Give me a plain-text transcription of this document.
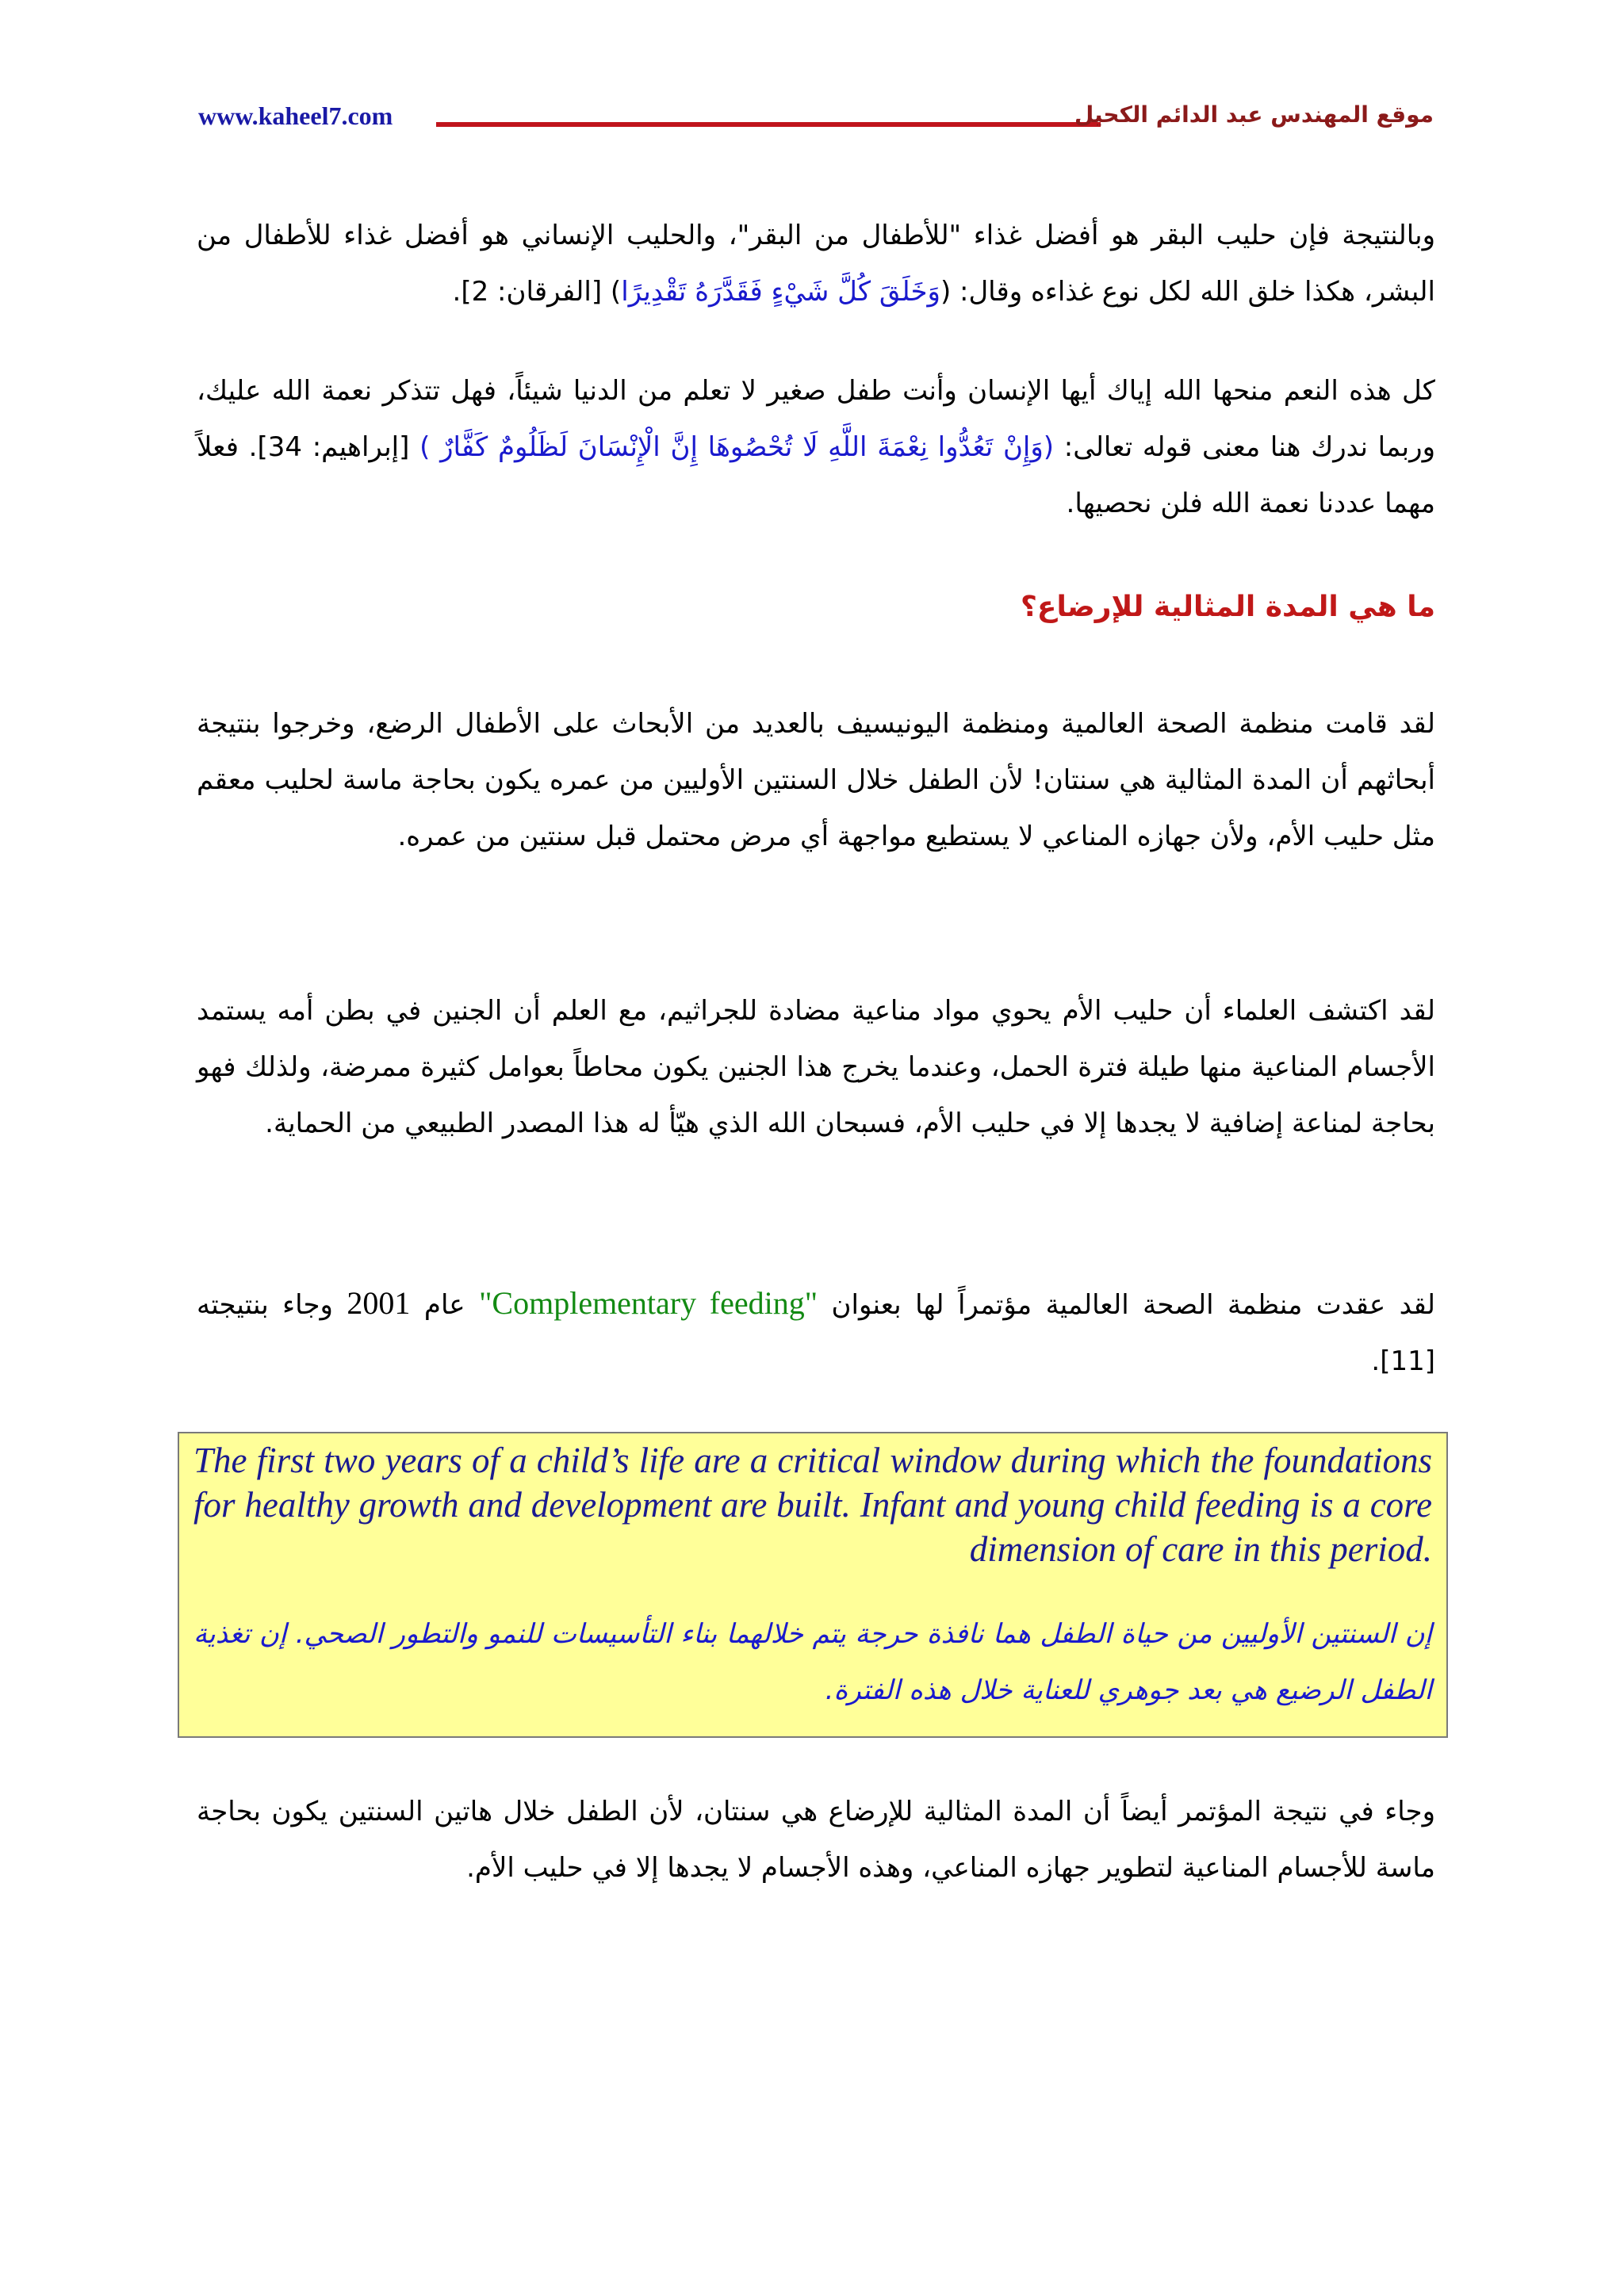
www.kaheel7.com	موقع المهندس عبد الدائم الكحيل

وبالنتيجة فإن حليب البقر هو أفضل غذاء "للأطفال من البقر"، والحليب الإنساني هو أفضل غذاء للأطفال من البشر، هكذا خلق الله لكل نوع غذاءه وقال: (وَخَلَقَ كُلَّ شَيْءٍ فَقَدَّرَهُ تَقْدِيرًا) [الفرقان: 2].

كل هذه النعم منحها الله إياك أيها الإنسان وأنت طفل صغير لا تعلم من الدنيا شيئاً، فهل تتذكر نعمة الله عليك، وربما ندرك هنا معنى قوله تعالى: (وَإِنْ تَعُدُّوا نِعْمَةَ اللَّهِ لَا تُحْصُوهَا إِنَّ الْإِنْسَانَ لَظَلُومٌ كَفَّارٌ ) [إبراهيم: 34]. فعلاً مهما عددنا نعمة الله فلن نحصيها.

ما هي المدة المثالية للإرضاع؟

لقد قامت منظمة الصحة العالمية ومنظمة اليونيسيف بالعديد من الأبحاث على الأطفال الرضع، وخرجوا بنتيجة أبحاثهم أن المدة المثالية هي سنتان! لأن الطفل خلال السنتين الأوليين من عمره يكون بحاجة ماسة لحليب معقم مثل حليب الأم، ولأن جهازه المناعي لا يستطيع مواجهة أي مرض محتمل قبل سنتين من عمره.

لقد اكتشف العلماء أن حليب الأم يحوي مواد مناعية مضادة للجراثيم، مع العلم أن الجنين في بطن أمه يستمد الأجسام المناعية منها طيلة فترة الحمل، وعندما يخرج هذا الجنين يكون محاطاً بعوامل كثيرة ممرضة، ولذلك فهو بحاجة لمناعة إضافية لا يجدها إلا في حليب الأم، فسبحان الله الذي هيّأ له هذا المصدر الطبيعي من الحماية.

لقد عقدت منظمة الصحة العالمية مؤتمراً لها بعنوان "Complementary feeding" عام 2001 وجاء بنتيجته [11].

The first two years of a child’s life are a critical window during which the foundations for healthy growth and development are built. Infant and young child feeding is a core dimension of care in this period.

إن السنتين الأوليين من حياة الطفل هما نافذة حرجة يتم خلالهما بناء التأسيسات للنمو والتطور الصحي. إن تغذية الطفل الرضيع هي بعد جوهري للعناية خلال هذه الفترة.

وجاء في نتيجة المؤتمر أيضاً أن المدة المثالية للإرضاع هي سنتان، لأن الطفل خلال هاتين السنتين يكون بحاجة ماسة للأجسام المناعية لتطوير جهازه المناعي، وهذه الأجسام لا يجدها إلا في حليب الأم.
